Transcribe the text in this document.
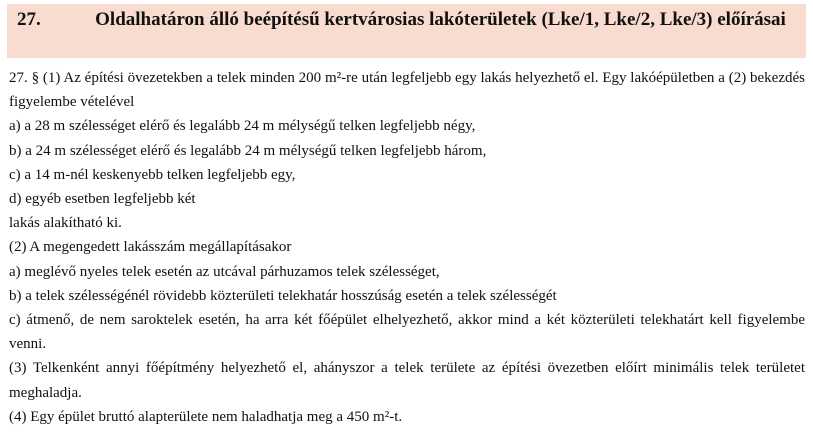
27.	Oldalhatáron álló beépítésű kertvárosias lakóterületek (Lke/1, Lke/2, Lke/3) előírásai

27. § (1) Az építési övezetekben a telek minden 200 m²-re után legfeljebb egy lakás helyezhető el. Egy lakóépületben a (2) bekezdés figyelembe vételével

a) a 28 m szélességet elérő és legalább 24 m mélységű telken legfeljebb négy,

b) a 24 m szélességet elérő és legalább 24 m mélységű telken legfeljebb három,

c) a 14 m-nél keskenyebb telken legfeljebb egy,

d) egyéb esetben legfeljebb két

lakás alakítható ki.

(2) A megengedett lakásszám megállapításakor

a) meglévő nyeles telek esetén az utcával párhuzamos telek szélességet,

b) a telek szélességénél rövidebb közterületi telekhatár hosszúság esetén a telek szélességét

c) átmenő, de nem saroktelek esetén, ha arra két főépület elhelyezhető, akkor mind a két közterületi telekhatárt kell figyelembe venni.

(3) Telkenként annyi főépítmény helyezhető el, ahányszor a telek területe az építési övezetben előírt minimális telek területet meghaladja.

(4) Egy épület bruttó alapterülete nem haladhatja meg a 450 m²-t.
